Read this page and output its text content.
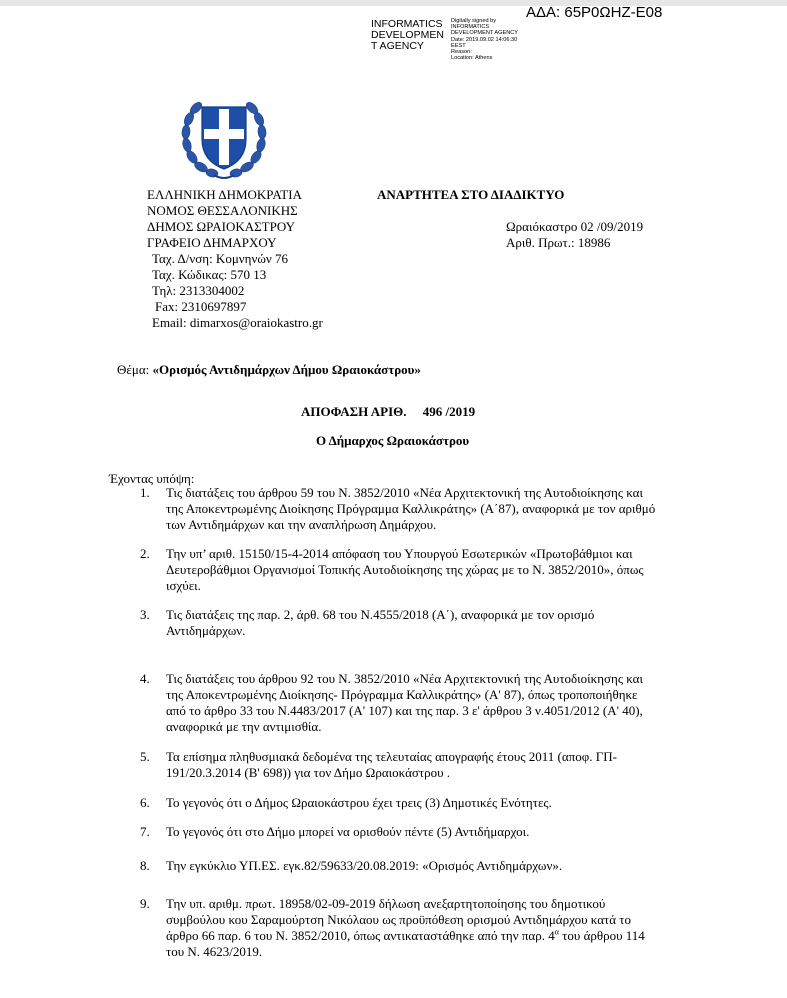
ΑΔΑ: 65Ρ0ΩΗΖ-Ε08
INFORMATICS DEVELOPMEN T AGENCY
Digitally signed by
INFORMATICS
DEVELOPMENT AGENCY
Date: 2019.09.02 14:06:30
EEST
Reason:
Location: Athens
ΕΛΛΗΝΙΚΗ ΔΗΜΟΚΡΑΤΙΑ
ΝΟΜΟΣ ΘΕΣΣΑΛΟΝΙΚΗΣ
ΔΗΜΟΣ ΩΡΑΙΟΚΑΣΤΡΟΥ
ΓΡΑΦΕΙΟ ΔΗΜΑΡΧΟΥ
Ταχ. Δ/νση: Κομνηνών 76
Ταχ. Κώδικας: 570 13
Τηλ: 2313304002
Fax: 2310697897
Email: dimarxos@oraiokastro.gr
ΑΝΑΡΤΗΤΕΑ ΣΤΟ ΔΙΑΔΙΚΤΥΟ
Ωραιόκαστρο 02 /09/2019
Αριθ. Πρωτ.: 18986
Θέμα: «Ορισμός Αντιδημάρχων Δήμου Ωραιοκάστρου»
ΑΠΟΦΑΣΗ ΑΡΙΘ.     496 /2019
Ο Δήμαρχος Ωραιοκάστρου
Έχοντας υπόψη:
1. Τις διατάξεις του άρθρου 59 του Ν. 3852/2010 «Νέα Αρχιτεκτονική της Αυτοδιοίκησης και
της Αποκεντρωμένης Διοίκησης Πρόγραμμα Καλλικράτης» (Α΄87), αναφορικά με τον αριθμό
των Αντιδημάρχων και την αναπλήρωση Δημάρχου.
2. Την υπ’ αριθ. 15150/15-4-2014 απόφαση του Υπουργού Εσωτερικών «Πρωτοβάθμιοι και
Δευτεροβάθμιοι Οργανισμοί Τοπικής Αυτοδιοίκησης της χώρας με το Ν. 3852/2010», όπως
ισχύει.
3. Τις διατάξεις της παρ. 2, άρθ. 68 του Ν.4555/2018 (Α΄), αναφορικά με τον ορισμό
Αντιδημάρχων.
4. Τις διατάξεις του άρθρου 92 του Ν. 3852/2010 «Νέα Αρχιτεκτονική της Αυτοδιοίκησης και
της Αποκεντρωμένης Διοίκησης- Πρόγραμμα Καλλικράτης» (Α' 87), όπως τροποποιήθηκε
από το άρθρο 33 του Ν.4483/2017 (Α' 107) και της παρ. 3 ε' άρθρου 3 ν.4051/2012 (Α' 40),
αναφορικά με την αντιμισθία.
5. Τα επίσημα πληθυσμιακά δεδομένα της τελευταίας απογραφής έτους 2011 (αποφ. ΓΠ-
191/20.3.2014 (Β' 698)) για τον Δήμο Ωραιοκάστρου .
6. Το γεγονός ότι ο Δήμος Ωραιοκάστρου έχει τρεις (3) Δημοτικές Ενότητες.
7. Το γεγονός ότι στο Δήμο μπορεί να ορισθούν πέντε (5) Αντιδήμαρχοι.
8. Την εγκύκλιο ΥΠ.ΕΣ. εγκ.82/59633/20.08.2019: «Ορισμός Αντιδημάρχων».
9. Την υπ. αριθμ. πρωτ. 18958/02-09-2019 δήλωση ανεξαρτητοποίησης του δημοτικού
συμβούλου κου Σαραμούρτση Νικόλαου ως προϋπόθεση ορισμού Αντιδημάρχου κατά το
άρθρο 66 παρ. 6 του Ν. 3852/2010, όπως αντικαταστάθηκε από την παρ. $4^\alpha$ του άρθρου 114
του Ν. 4623/2019.
